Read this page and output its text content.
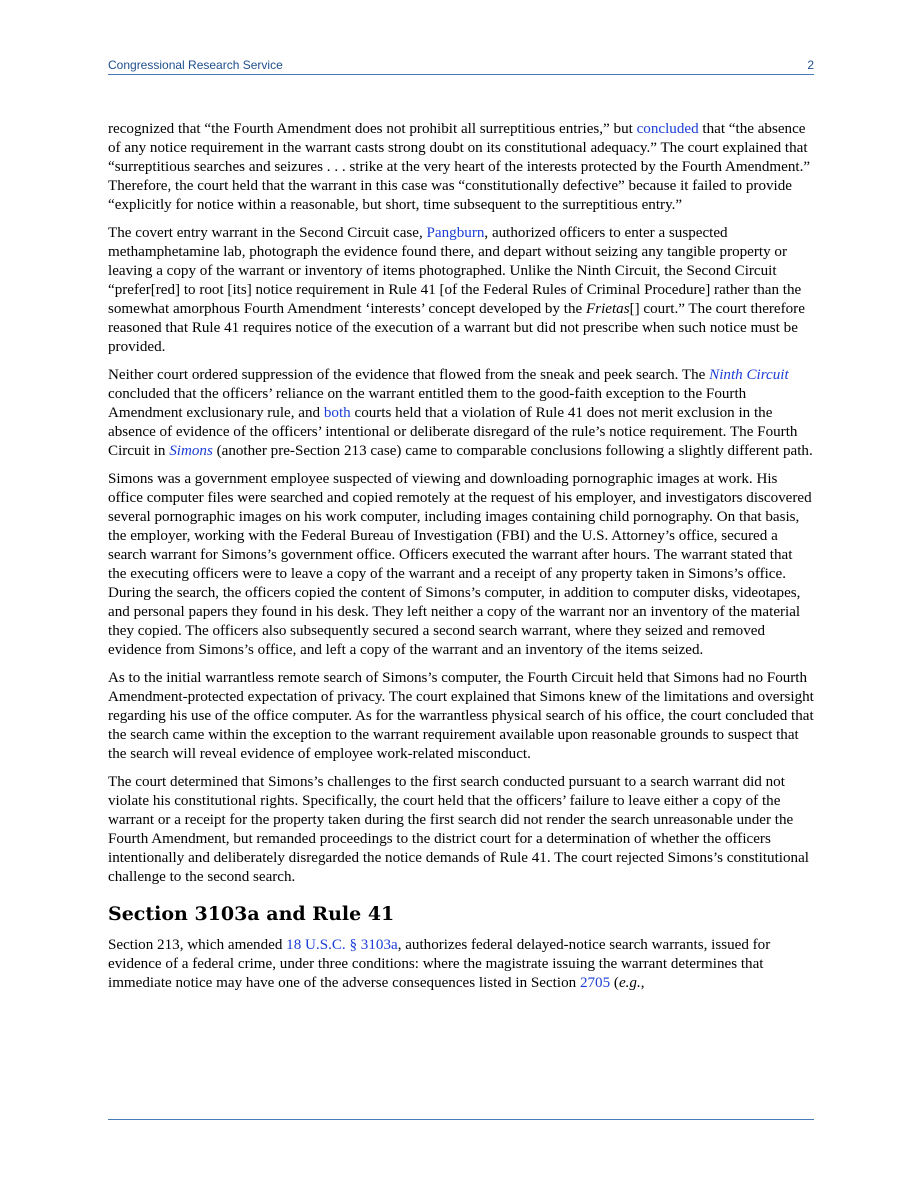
Congressional Research Service	2

recognized that “the Fourth Amendment does not prohibit all surreptitious entries,” but concluded that “the absence of any notice requirement in the warrant casts strong doubt on its constitutional adequacy.” The court explained that “surreptitious searches and seizures . . . strike at the very heart of the interests protected by the Fourth Amendment.” Therefore, the court held that the warrant in this case was “constitutionally defective” because it failed to provide “explicitly for notice within a reasonable, but short, time subsequent to the surreptitious entry.”

The covert entry warrant in the Second Circuit case, Pangburn, authorized officers to enter a suspected methamphetamine lab, photograph the evidence found there, and depart without seizing any tangible property or leaving a copy of the warrant or inventory of items photographed. Unlike the Ninth Circuit, the Second Circuit “prefer[red] to root [its] notice requirement in Rule 41 [of the Federal Rules of Criminal Procedure] rather than the somewhat amorphous Fourth Amendment ‘interests’ concept developed by the Frietas[] court.” The court therefore reasoned that Rule 41 requires notice of the execution of a warrant but did not prescribe when such notice must be provided.

Neither court ordered suppression of the evidence that flowed from the sneak and peek search. The Ninth Circuit concluded that the officers’ reliance on the warrant entitled them to the good-faith exception to the Fourth Amendment exclusionary rule, and both courts held that a violation of Rule 41 does not merit exclusion in the absence of evidence of the officers’ intentional or deliberate disregard of the rule’s notice requirement. The Fourth Circuit in Simons (another pre-Section 213 case) came to comparable conclusions following a slightly different path.

Simons was a government employee suspected of viewing and downloading pornographic images at work. His office computer files were searched and copied remotely at the request of his employer, and investigators discovered several pornographic images on his work computer, including images containing child pornography. On that basis, the employer, working with the Federal Bureau of Investigation (FBI) and the U.S. Attorney’s office, secured a search warrant for Simons’s government office. Officers executed the warrant after hours. The warrant stated that the executing officers were to leave a copy of the warrant and a receipt of any property taken in Simons’s office. During the search, the officers copied the content of Simons’s computer, in addition to computer disks, videotapes, and personal papers they found in his desk. They left neither a copy of the warrant nor an inventory of the material they copied. The officers also subsequently secured a second search warrant, where they seized and removed evidence from Simons’s office, and left a copy of the warrant and an inventory of the items seized.

As to the initial warrantless remote search of Simons’s computer, the Fourth Circuit held that Simons had no Fourth Amendment-protected expectation of privacy. The court explained that Simons knew of the limitations and oversight regarding his use of the office computer. As for the warrantless physical search of his office, the court concluded that the search came within the exception to the warrant requirement available upon reasonable grounds to suspect that the search will reveal evidence of employee work-related misconduct.

The court determined that Simons’s challenges to the first search conducted pursuant to a search warrant did not violate his constitutional rights. Specifically, the court held that the officers’ failure to leave either a copy of the warrant or a receipt for the property taken during the first search did not render the search unreasonable under the Fourth Amendment, but remanded proceedings to the district court for a determination of whether the officers intentionally and deliberately disregarded the notice demands of Rule 41. The court rejected Simons’s constitutional challenge to the second search.

Section 3103a and Rule 41

Section 213, which amended 18 U.S.C. § 3103a, authorizes federal delayed-notice search warrants, issued for evidence of a federal crime, under three conditions: where the magistrate issuing the warrant determines that immediate notice may have one of the adverse consequences listed in Section 2705 (e.g.,
